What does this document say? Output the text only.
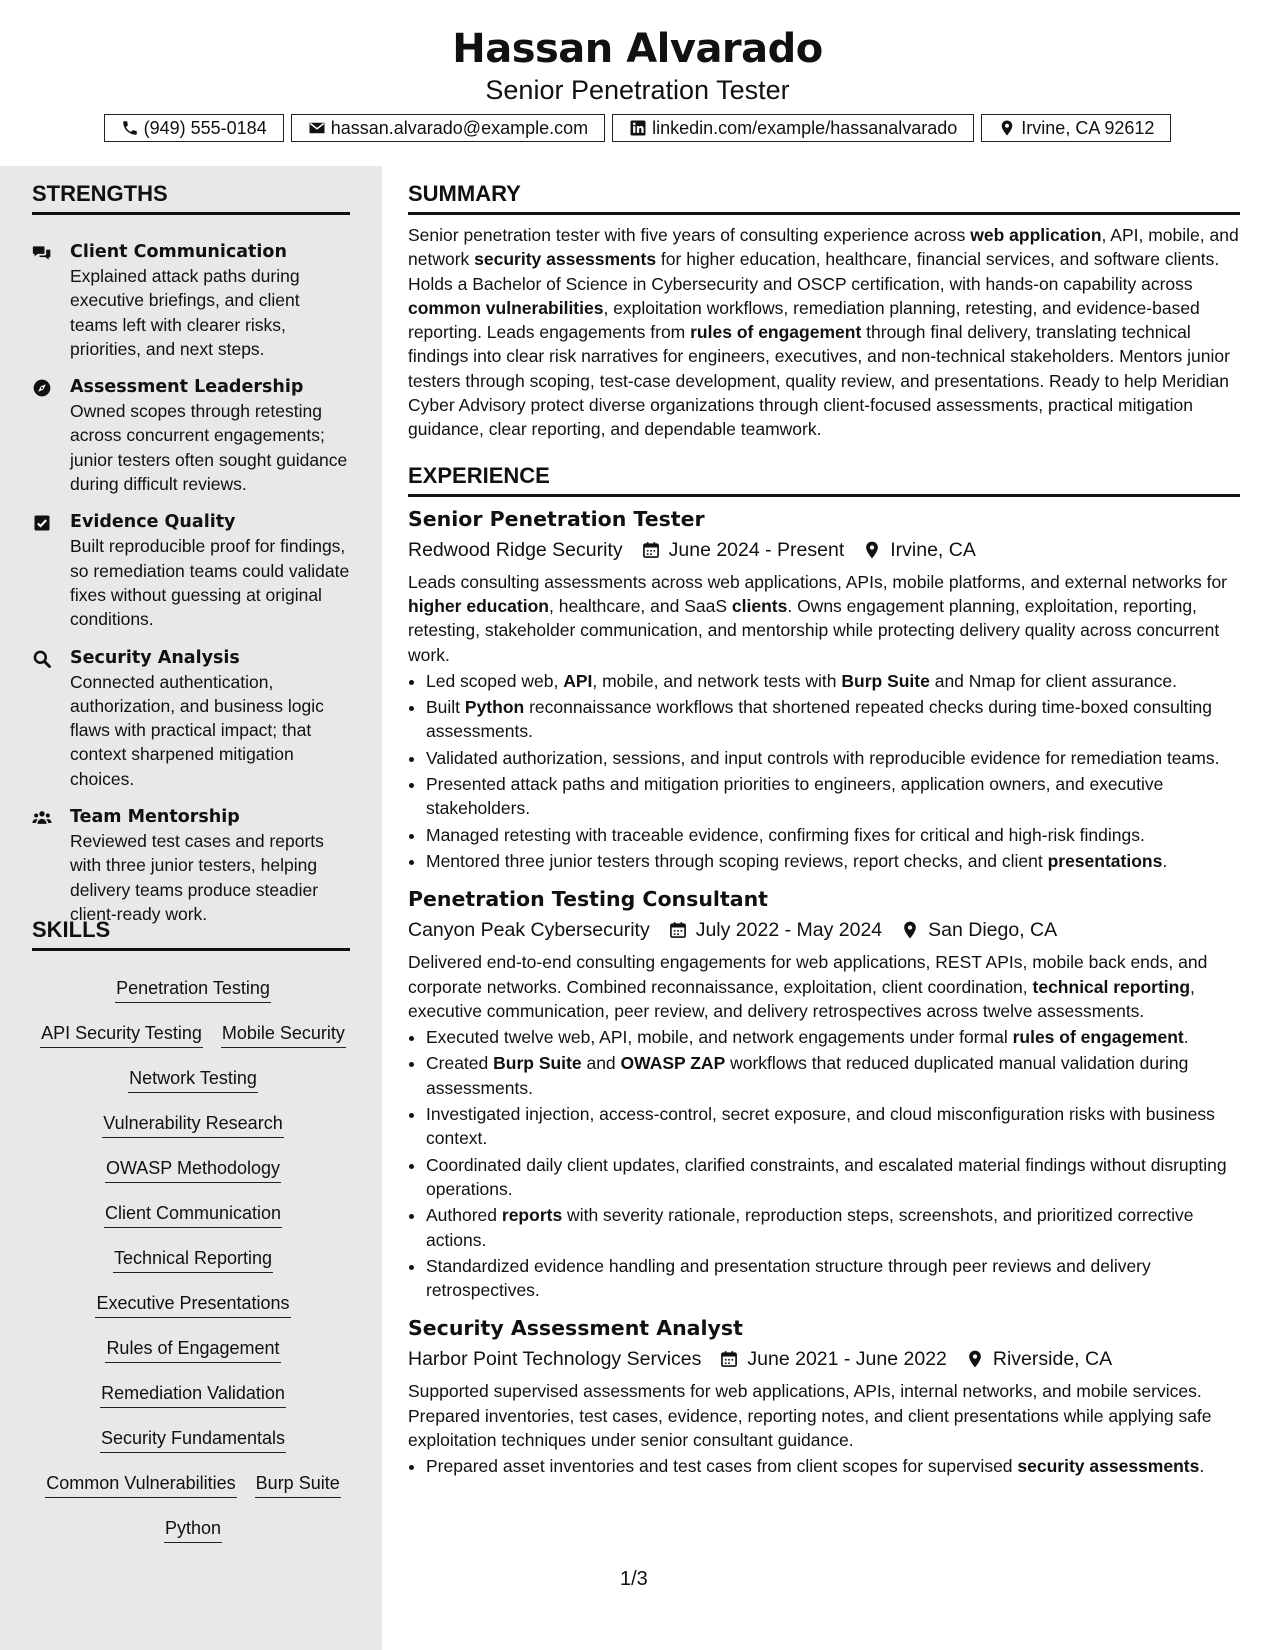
Hassan Alvarado
Senior Penetration Tester
(949) 555-0184	hassan.alvarado@example.com	linkedin.com/example/hassanalvarado	Irvine, CA 92612
STRENGTHS
Client Communication
Explained attack paths during executive briefings, and client teams left with clearer risks, priorities, and next steps.
Assessment Leadership
Owned scopes through retesting across concurrent engagements; junior testers often sought guidance during difficult reviews.
Evidence Quality
Built reproducible proof for findings, so remediation teams could validate fixes without guessing at original conditions.
Security Analysis
Connected authentication, authorization, and business logic flaws with practical impact; that context sharpened mitigation choices.
Team Mentorship
Reviewed test cases and reports with three junior testers, helping delivery teams produce steadier client-ready work.
SKILLS
Penetration Testing
API Security Testing Mobile Security
Network Testing
Vulnerability Research
OWASP Methodology
Client Communication
Technical Reporting
Executive Presentations
Rules of Engagement
Remediation Validation
Security Fundamentals
Common Vulnerabilities Burp Suite
Python
SUMMARY

Senior penetration tester with five years of consulting experience across web application, API, mobile, and network security assessments for higher education, healthcare, financial services, and software clients. Holds a Bachelor of Science in Cybersecurity and OSCP certification, with hands-on capability across common vulnerabilities, exploitation workflows, remediation planning, retesting, and evidence-based reporting. Leads engagements from rules of engagement through final delivery, translating technical findings into clear risk narratives for engineers, executives, and non-technical stakeholders. Mentors junior testers through scoping, test-case development, quality review, and presentations. Ready to help Meridian Cyber Advisory protect diverse organizations through client-focused assessments, practical mitigation guidance, clear reporting, and dependable teamwork.

EXPERIENCE
Senior Penetration Tester
Redwood Ridge Security June 2024 - Present Irvine, CA

Leads consulting assessments across web applications, APIs, mobile platforms, and external networks for higher education, healthcare, and SaaS clients. Owns engagement planning, exploitation, reporting, retesting, stakeholder communication, and mentorship while protecting delivery quality across concurrent work.

• Led scoped web, API, mobile, and network tests with Burp Suite and Nmap for client assurance.
• Built Python reconnaissance workflows that shortened repeated checks during time-boxed consulting assessments.
• Validated authorization, sessions, and input controls with reproducible evidence for remediation teams.
• Presented attack paths and mitigation priorities to engineers, application owners, and executive stakeholders.
• Managed retesting with traceable evidence, confirming fixes for critical and high-risk findings.
• Mentored three junior testers through scoping reviews, report checks, and client presentations.
Penetration Testing Consultant
Canyon Peak Cybersecurity July 2022 - May 2024 San Diego, CA

Delivered end-to-end consulting engagements for web applications, REST APIs, mobile back ends, and corporate networks. Combined reconnaissance, exploitation, client coordination, technical reporting, executive communication, peer review, and delivery retrospectives across twelve assessments.

• Executed twelve web, API, mobile, and network engagements under formal rules of engagement.
• Created Burp Suite and OWASP ZAP workflows that reduced duplicated manual validation during assessments.
• Investigated injection, access-control, secret exposure, and cloud misconfiguration risks with business context.
• Coordinated daily client updates, clarified constraints, and escalated material findings without disrupting operations.
• Authored reports with severity rationale, reproduction steps, screenshots, and prioritized corrective actions.
• Standardized evidence handling and presentation structure through peer reviews and delivery retrospectives.
Security Assessment Analyst
Harbor Point Technology Services June 2021 - June 2022 Riverside, CA

Supported supervised assessments for web applications, APIs, internal networks, and mobile services. Prepared inventories, test cases, evidence, reporting notes, and client presentations while applying safe exploitation techniques under senior consultant guidance.

• Prepared asset inventories and test cases from client scopes for supervised security assessments.
1/3
